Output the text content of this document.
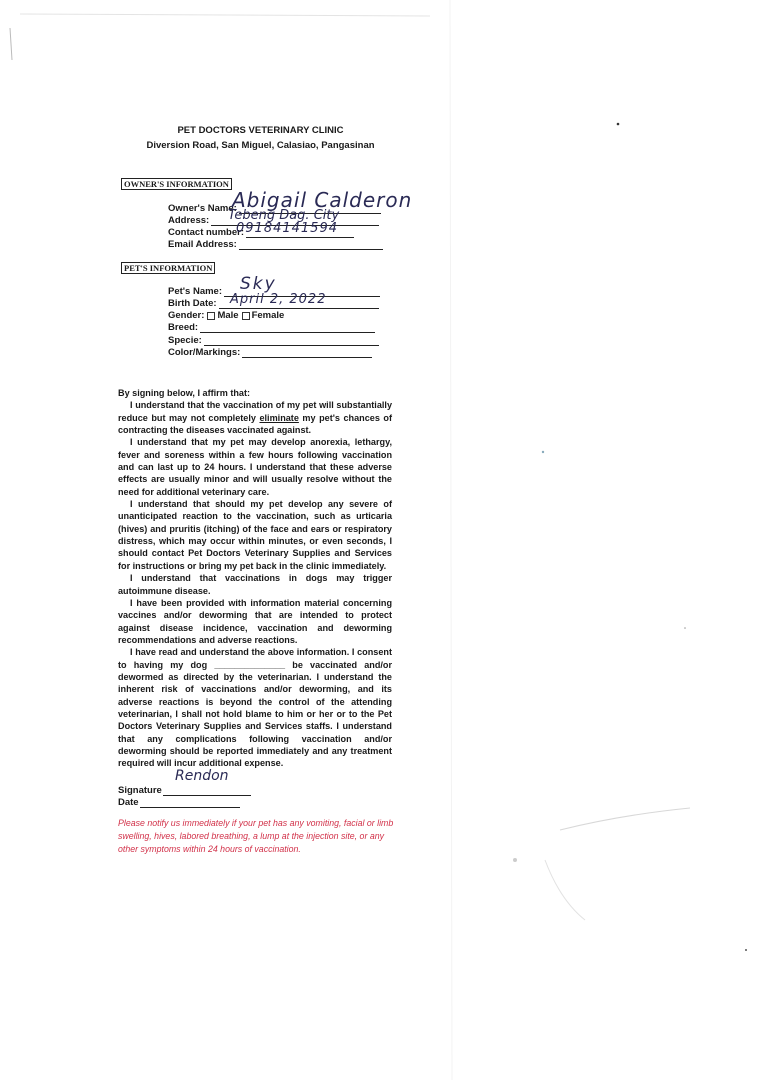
PET DOCTORS VETERINARY CLINIC
Diversion Road, San Miguel, Calasiao, Pangasinan
OWNER'S INFORMATION
Owner's Name:
Abigail Calderon
Address: Tebeng Dag. City
Contact number:
09184141594
Email Address:
PET'S INFORMATION
Pet's Name: Sky
Birth Date: April 2, 2022
Gender: Male Female
Breed:
Specie:
Color/Markings:

By signing below, I affirm that:

I understand that the vaccination of my pet will substantially reduce but may not completely eliminate my pet's chances of contracting the diseases vaccinated against.

I understand that my pet may develop anorexia, lethargy, fever and soreness within a few hours following vaccination and can last up to 24 hours. I understand that these adverse effects are usually minor and will usually resolve without the need for additional veterinary care.

I understand that should my pet develop any severe of unanticipated reaction to the vaccination, such as urticaria (hives) and pruritis (itching) of the face and ears or respiratory distress, which may occur within minutes, or even seconds, I should contact Pet Doctors Veterinary Supplies and Services for instructions or bring my pet back in the clinic immediately.

I understand that vaccinations in dogs may trigger autoimmune disease.

I have been provided with information material concerning vaccines and/or deworming that are intended to protect against disease incidence, vaccination and deworming recommendations and adverse reactions.

I have read and understand the above information. I consent to having my dog ______________ be vaccinated and/or dewormed as directed by the veterinarian. I understand the inherent risk of vaccinations and/or deworming, and its adverse reactions is beyond the control of the attending veterinarian, I shall not hold blame to him or her or to the Pet Doctors Veterinary Supplies and Services staffs. I understand that any complications following vaccination and/or deworming should be reported immediately and any treatment required will incur additional expense.

Signature
Rendon
Date
Please notify us immediately if your pet has any vomiting, facial or limb swelling, hives, labored breathing, a lump at the injection site, or any other symptoms within 24 hours of vaccination.
